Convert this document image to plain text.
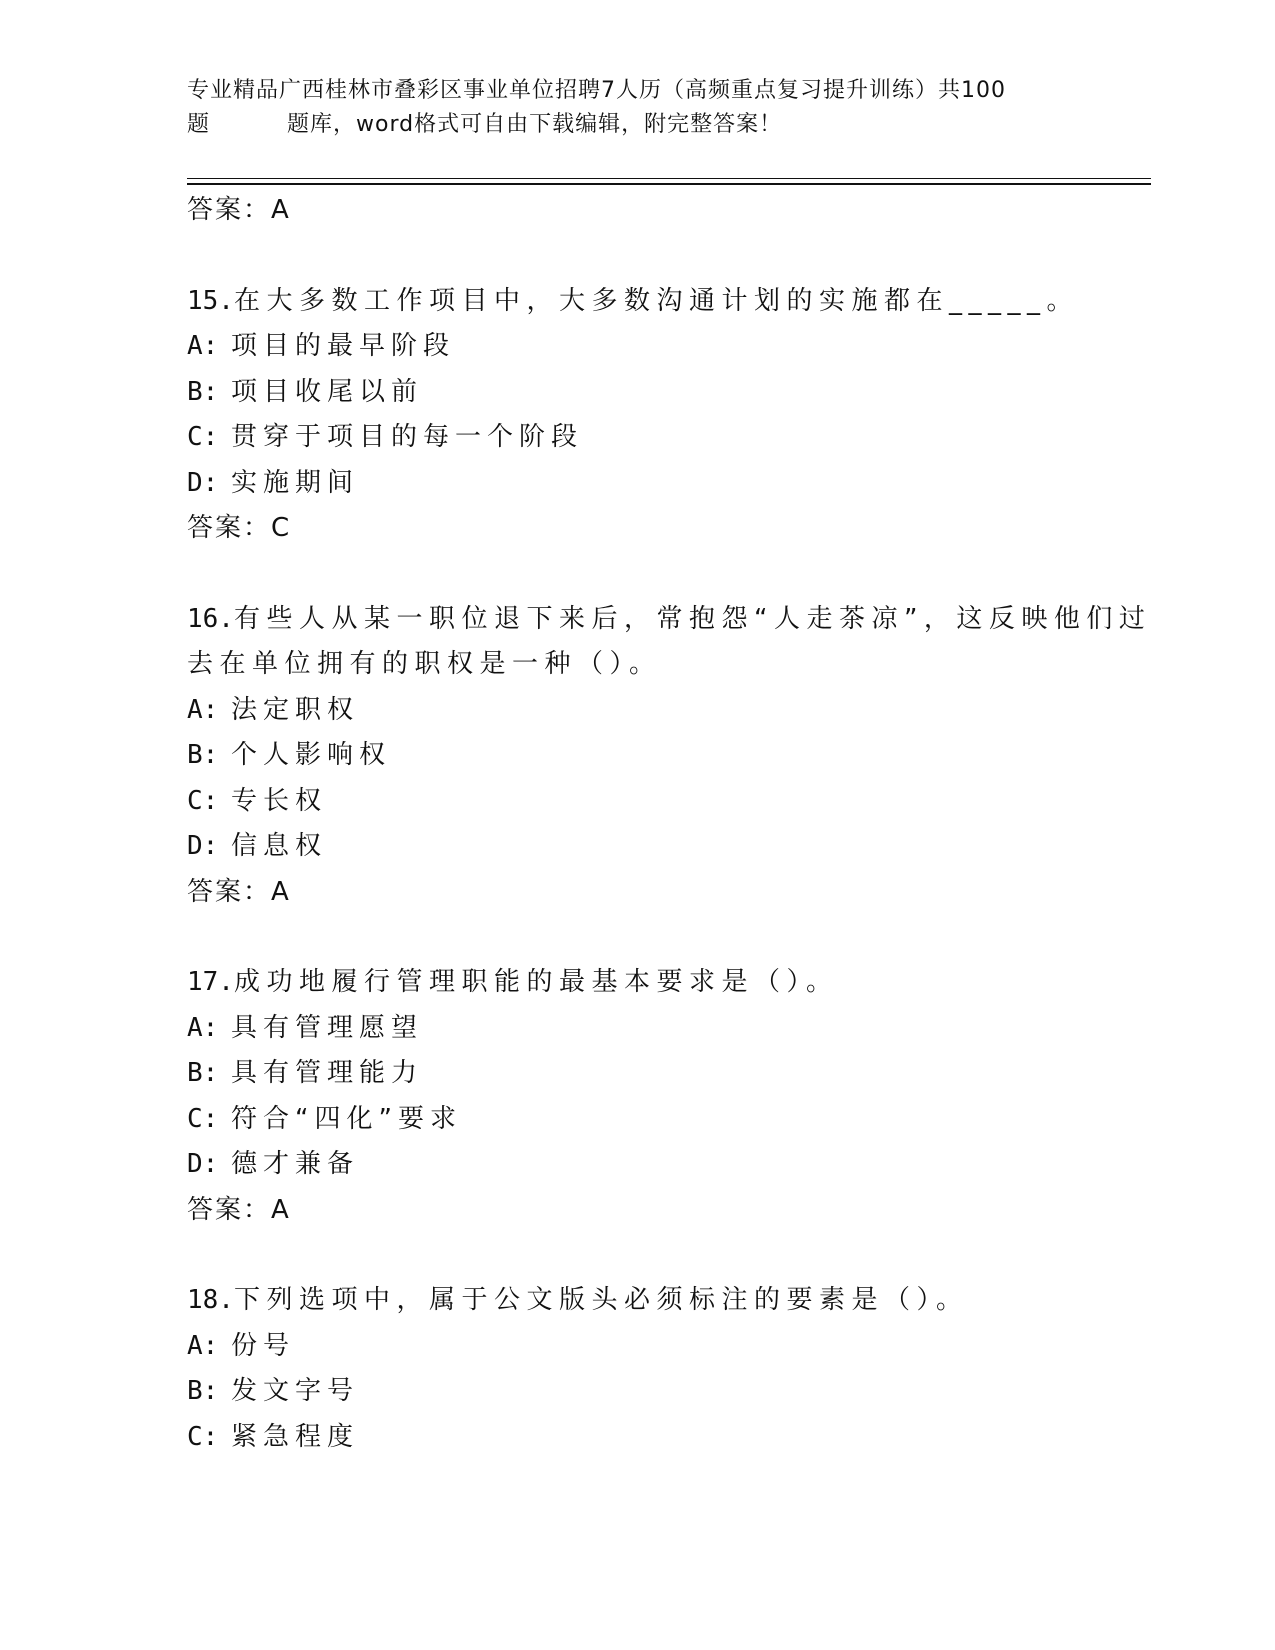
专业精品广西桂林市叠彩区事业单位招聘7人历（高频重点复习提升训练）共100
题	题库，word格式可自由下载编辑，附完整答案！
答案：A
15.在大多数工作项目中，大多数沟通计划的实施都在_____。
A: 项目的最早阶段
B: 项目收尾以前
C: 贯穿于项目的每一个阶段
D: 实施期间
答案：C
16.有些人从某一职位退下来后，常抱怨“人走茶凉”，这反映他们过
去在单位拥有的职权是一种（）。
A: 法定职权
B: 个人影响权
C: 专长权
D: 信息权
答案：A
17.成功地履行管理职能的最基本要求是（）。
A: 具有管理愿望
B: 具有管理能力
C: 符合“四化”要求
D: 德才兼备
答案：A
18.下列选项中，属于公文版头必须标注的要素是（）。
A: 份号
B: 发文字号
C: 紧急程度
